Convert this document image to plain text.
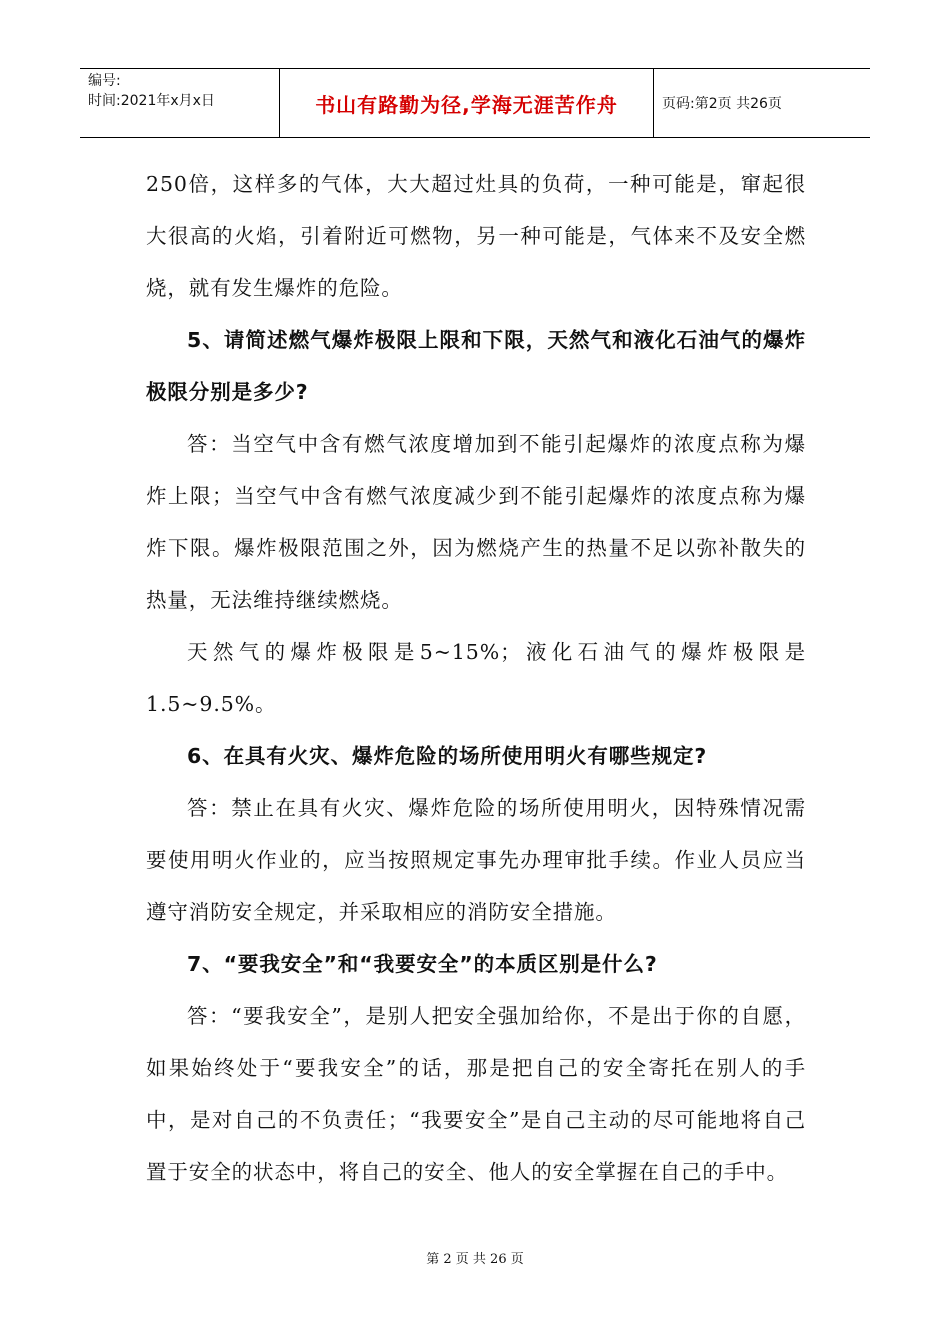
编号:
时间:2021年x月x日	书山有路勤为径,学海无涯苦作舟	页码:第2页 共26页

250倍，这样多的气体，大大超过灶具的负荷，一种可能是，窜起很大很高的火焰，引着附近可燃物，另一种可能是，气体来不及安全燃烧，就有发生爆炸的危险。

5、请简述燃气爆炸极限上限和下限，天然气和液化石油气的爆炸极限分别是多少?

答：当空气中含有燃气浓度增加到不能引起爆炸的浓度点称为爆炸上限；当空气中含有燃气浓度减少到不能引起爆炸的浓度点称为爆炸下限。爆炸极限范围之外，因为燃烧产生的热量不足以弥补散失的热量，无法维持继续燃烧。

天然气的爆炸极限是5~15%；液化石油气的爆炸极限是1.5~9.5%。

6、在具有火灾、爆炸危险的场所使用明火有哪些规定?

答：禁止在具有火灾、爆炸危险的场所使用明火，因特殊情况需要使用明火作业的，应当按照规定事先办理审批手续。作业人员应当遵守消防安全规定，并采取相应的消防安全措施。

7、“要我安全”和“我要安全”的本质区别是什么?

答：“要我安全”，是别人把安全强加给你，不是出于你的自愿，如果始终处于“要我安全”的话，那是把自己的安全寄托在别人的手中，是对自己的不负责任；“我要安全”是自己主动的尽可能地将自己置于安全的状态中，将自己的安全、他人的安全掌握在自己的手中。

第 2 页 共 26 页
